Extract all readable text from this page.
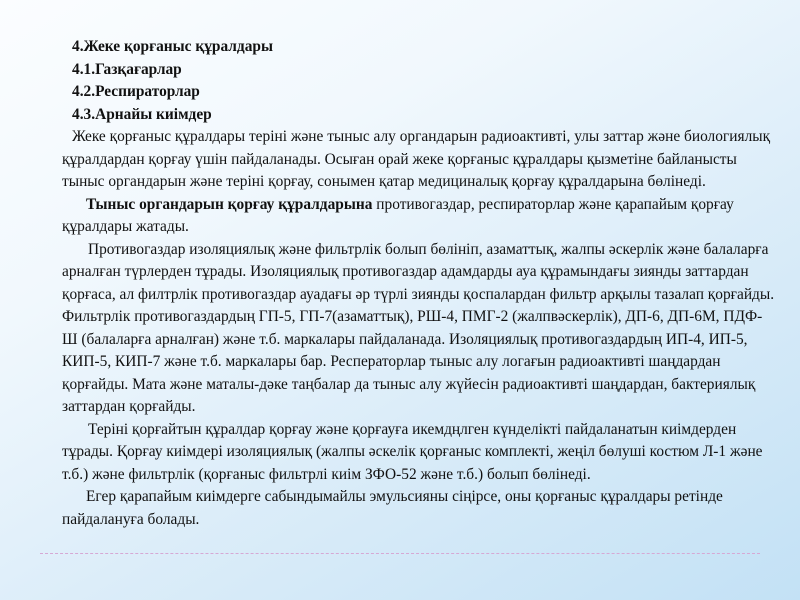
4.Жеке қорғаныс құралдары
4.1.Газқағарлар
4.2.Респираторлар
4.3.Арнайы киімдер

Жеке қорғаныс құралдары теріні және тыныс алу органдарын радиоактивті, улы заттар және биологиялық құралдардан қорғау үшін пайдаланады. Осыған орай жеке қорғаныс құралдары қызметіне байланысты тыныс органдарын және теріні қорғау, сонымен қатар медициналық қорғау құралдарына бөлінеді.

Тыныс органдарын қорғау құралдарына противогаздар, респираторлар және қарапайым қорғау құралдары жатады.

Противогаздар изоляциялық және фильтрлік болып бөлініп, азаматтық, жалпы әскерлік және балаларға арналған түрлерден тұрады. Изоляциялық противогаздар адамдарды ауа құрамындағы зиянды заттардан қорғаса, ал филтрлік противогаздар ауадағы әр түрлі зиянды қоспалардан фильтр арқылы тазалап қорғайды. Фильтрлік противогаздардың ГП-5, ГП-7(азаматтық), РШ-4, ПМГ-2 (жалпвәскерлік), ДП-6, ДП-6М, ПДФ-Ш (балаларға арналған) және т.б. маркалары пайдаланада. Изоляциялық противогаздардың ИП-4, ИП-5, КИП-5, КИП-7 және т.б. маркалары бар. Респераторлар тыныс алу логағын радиоактивті шаңдардан қорғайды. Мата және маталы-дәке таңбалар да тыныс алу жүйесін радиоактивті шаңдардан, бактериялық заттардан қорғайды.

Теріні қорғайтын құралдар қорғау және қорғауға икемдңлген күнделікті пайдаланатын киімдерден тұрады. Қорғау киімдері изоляциялық (жалпы әскелік қорғаныс комплекті, жеңіл бөлуші костюм Л-1 және т.б.) және фильтрлік (қорғаныс фильтрлі киім ЗФО-52 және т.б.) болып бөлінеді.

Егер қарапайым киімдерге сабындымайлы эмульсияны сіңірсе, оны қорғаныс құралдары ретінде пайдалануға болады.
